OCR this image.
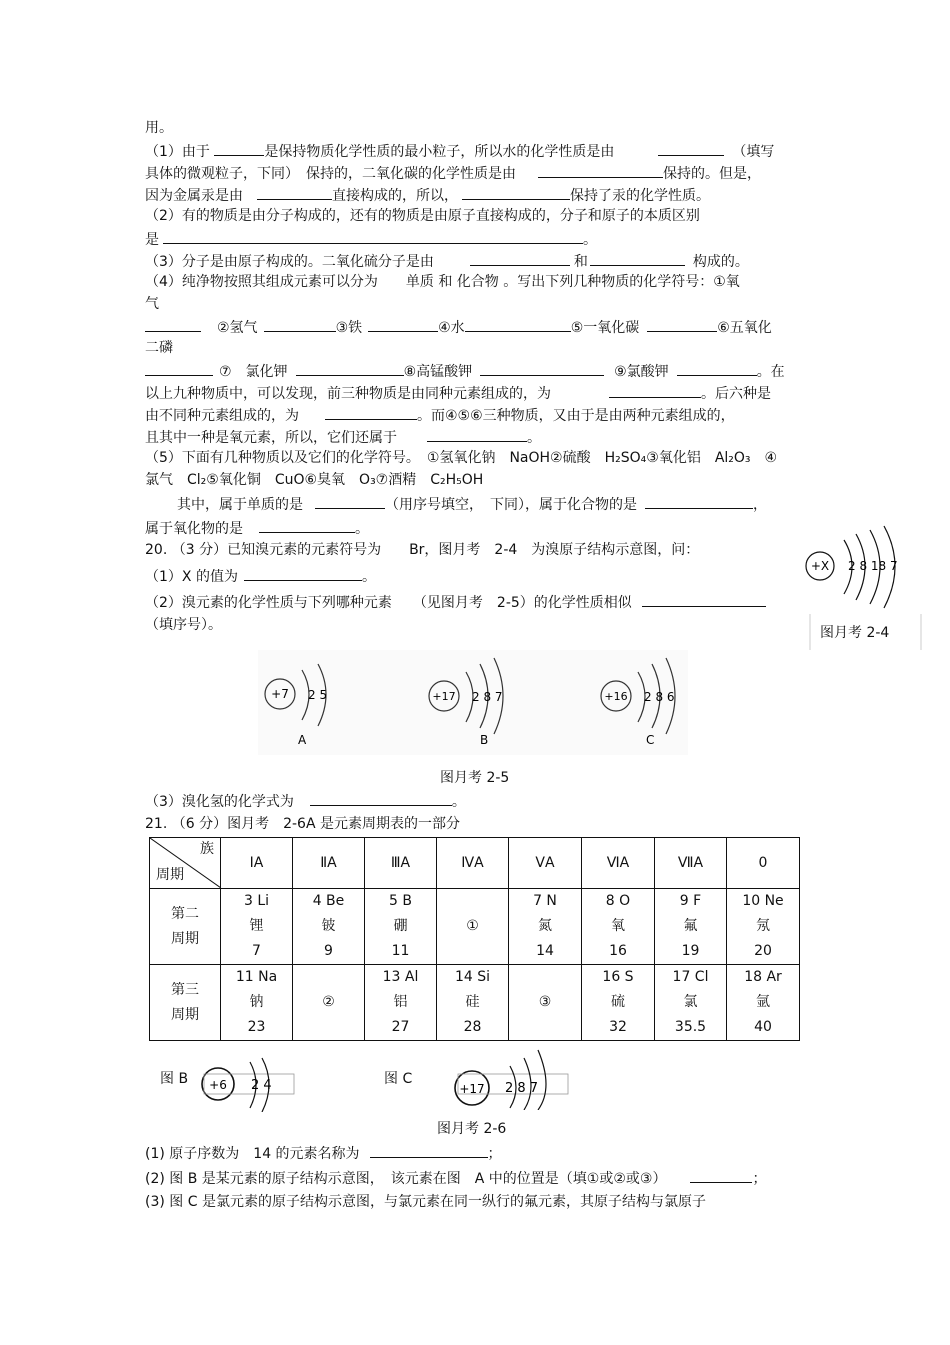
用。
（1）由于	是保持物质化学性质的最小粒子，所以水的化学性质是由	（填写
具体的微观粒子，下同）　保持的，二氧化碳的化学性质是由	保持的。但是，
因为金属汞是由	直接构成的，所以，	保持了汞的化学性质。
（2）有的物质是由分子构成的，还有的物质是由原子直接构成的，分子和原子的本质区别
是	。
（3）分子是由原子构成的。二氧化硫分子是由	和	构成的。
（4）纯净物按照其组成元素可以分为　　单质 和 化合物 。写出下列几种物质的化学符号：①氧
气
②氢气	③铁	④水	⑤一氧化碳	⑥五氧化
二磷
⑦　氯化钾	⑧高锰酸钾	⑨氯酸钾	。在
以上九种物质中，可以发现，前三种物质是由同种元素组成的，为	。后六种是
由不同种元素组成的，为	。而④⑤⑥三种物质，又由于是由两种元素组成的，
且其中一种是氧元素，所以，它们还属于	。
（5）下面有几种物质以及它们的化学符号。　①氢氧化钠　NaOH②硫酸　H₂SO₄③氧化铝　Al₂O₃　④
氯气　Cl₂⑤氧化铜　CuO⑥臭氧　O₃⑦酒精　C₂H₅OH
其中，属于单质的是	（用序号填空，　下同），属于化合物的是	，
属于氧化物的是	。
20. （3 分）已知溴元素的元素符号为　　Br，图月考　2-4　为溴原子结构示意图，问：
（1）X 的值为	。
（2）溴元素的化学性质与下列哪种元素　　（见图月考　2-5）的化学性质相似
（填序号）。
+X 2 8 18 7
图月考 2-4
+7 2 5
A
+17 2 8 7
B
+16 2 8 6
C
图月考 2-5
（3）溴化氢的化学式为	。
21. （6 分）图月考　2-6A 是元素周期表的一部分
族
周期	ⅠA	ⅡA	ⅢA	ⅣA	ⅤA	ⅥA	ⅦA	0
第二
周期	3 Li
锂
7	4 Be
铍
9	5 B
硼
11	①	7 N
氮
14	8 O
氧
16	9 F
氟
19	10 Ne
氖
20
第三
周期	11 Na
钠
23	②	13 Al
铝
27	14 Si
硅
28	③	16 S
硫
32	17 Cl
氯
35.5	18 Ar
氩
40
图 B +6 2 4	图 C
+17 2 8 7
图月考 2-6
(1) 原子序数为　14 的元素名称为	；
(2) 图 B 是某元素的原子结构示意图，　该元素在图　A 中的位置是（填①或②或③）	；
(3) 图 C 是氯元素的原子结构示意图，与氯元素在同一纵行的氟元素，其原子结构与氯原子
